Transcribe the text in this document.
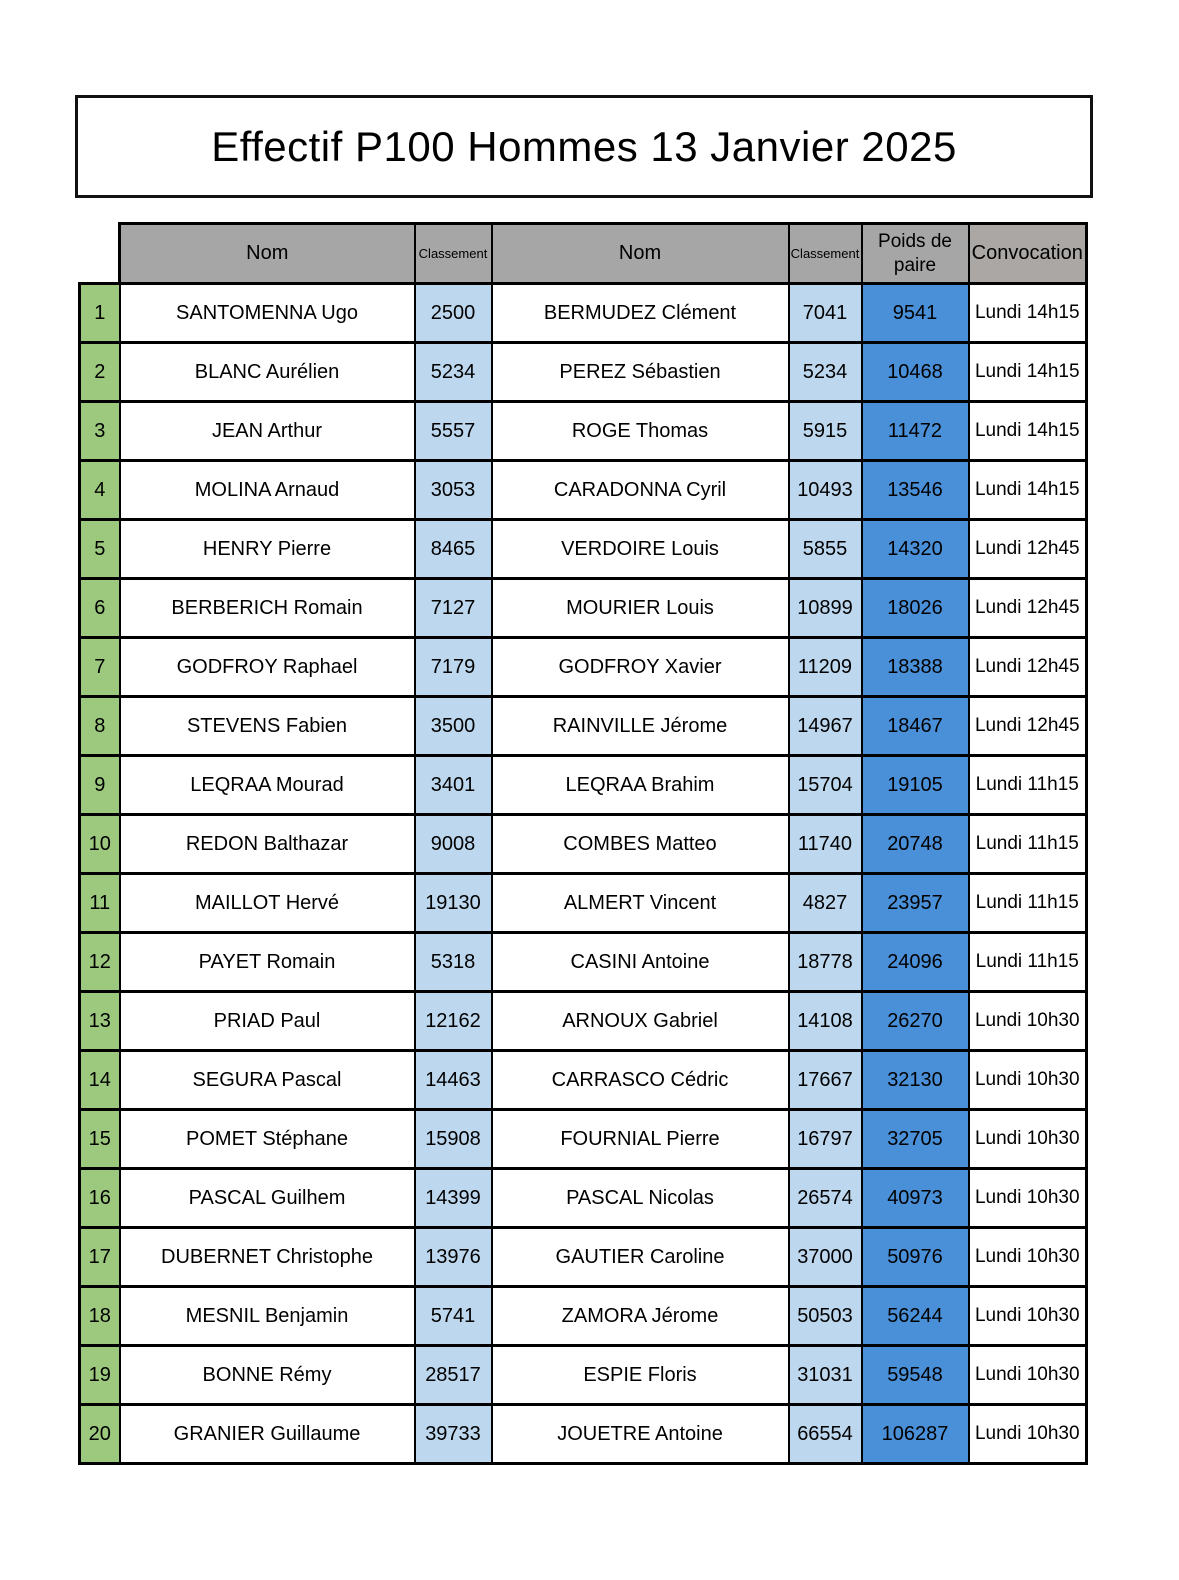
Effectif P100 Hommes 13 Janvier 2025
	Nom	Classement	Nom	Classement	Poids de paire	Convocation
1	SANTOMENNA Ugo	2500	BERMUDEZ Clément	7041	9541	Lundi 14h15
2	BLANC Aurélien	5234	PEREZ Sébastien	5234	10468	Lundi 14h15
3	JEAN Arthur	5557	ROGE Thomas	5915	11472	Lundi 14h15
4	MOLINA Arnaud	3053	CARADONNA Cyril	10493	13546	Lundi 14h15
5	HENRY Pierre	8465	VERDOIRE Louis	5855	14320	Lundi 12h45
6	BERBERICH Romain	7127	MOURIER Louis	10899	18026	Lundi 12h45
7	GODFROY Raphael	7179	GODFROY Xavier	11209	18388	Lundi 12h45
8	STEVENS Fabien	3500	RAINVILLE Jérome	14967	18467	Lundi 12h45
9	LEQRAA Mourad	3401	LEQRAA Brahim	15704	19105	Lundi 11h15
10	REDON Balthazar	9008	COMBES Matteo	11740	20748	Lundi 11h15
11	MAILLOT Hervé	19130	ALMERT Vincent	4827	23957	Lundi 11h15
12	PAYET Romain	5318	CASINI Antoine	18778	24096	Lundi 11h15
13	PRIAD Paul	12162	ARNOUX Gabriel	14108	26270	Lundi 10h30
14	SEGURA Pascal	14463	CARRASCO Cédric	17667	32130	Lundi 10h30
15	POMET Stéphane	15908	FOURNIAL Pierre	16797	32705	Lundi 10h30
16	PASCAL Guilhem	14399	PASCAL Nicolas	26574	40973	Lundi 10h30
17	DUBERNET Christophe	13976	GAUTIER Caroline	37000	50976	Lundi 10h30
18	MESNIL Benjamin	5741	ZAMORA Jérome	50503	56244	Lundi 10h30
19	BONNE Rémy	28517	ESPIE Floris	31031	59548	Lundi 10h30
20	GRANIER Guillaume	39733	JOUETRE Antoine	66554	106287	Lundi 10h30
